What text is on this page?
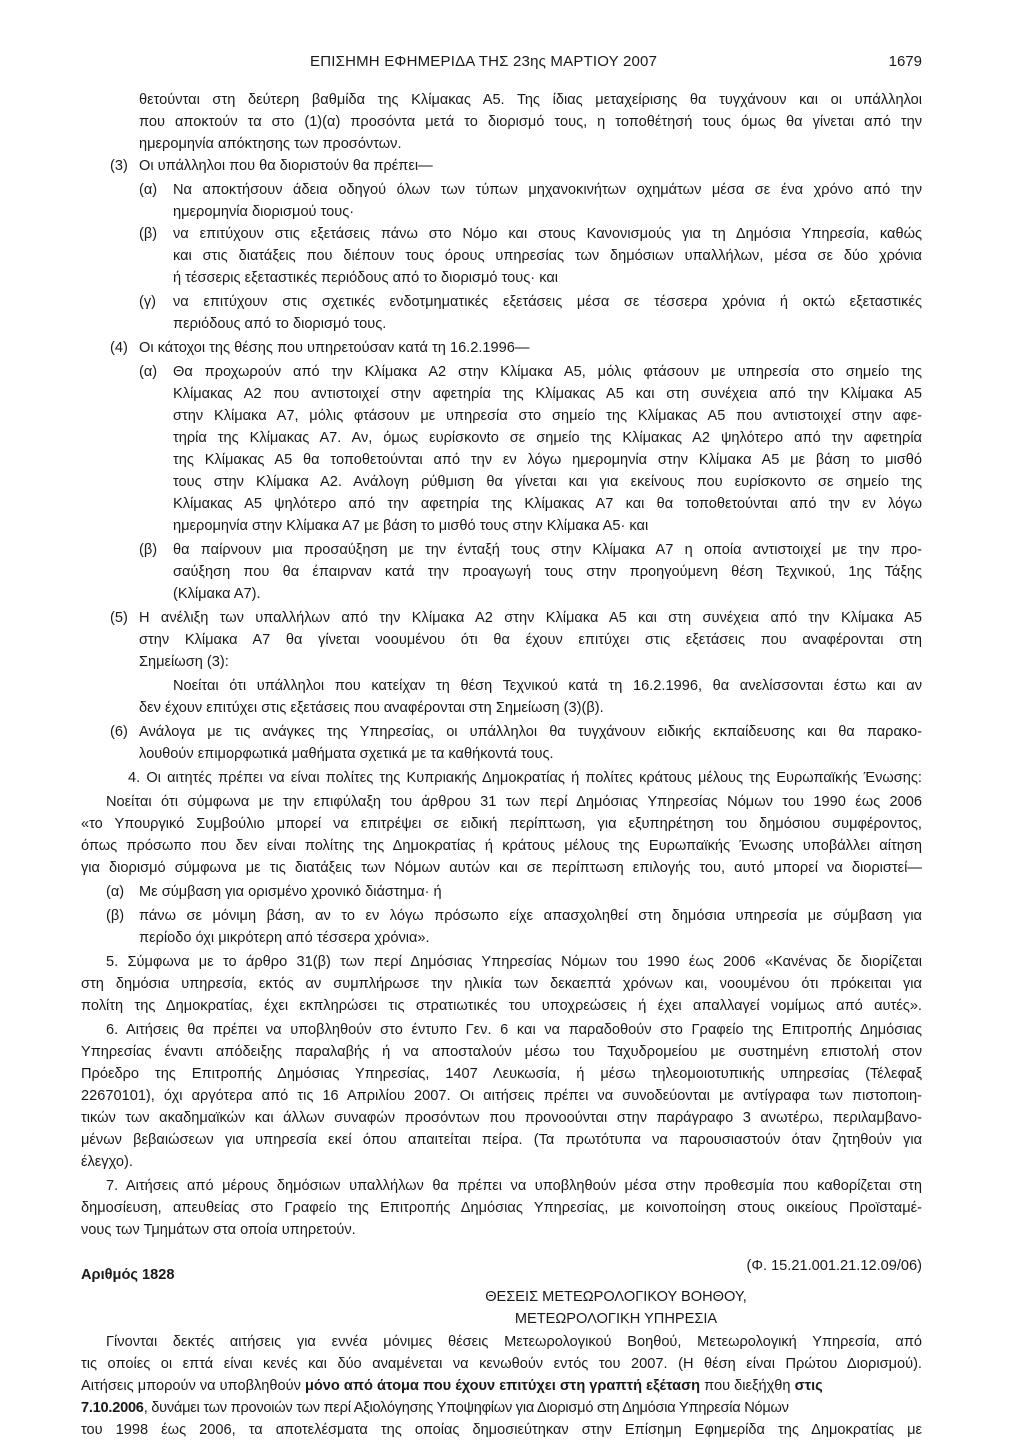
ΕΠΙΣΗΜΗ ΕΦΗΜΕΡΙΔΑ ΤΗΣ 23ης ΜΑΡΤΙΟΥ 2007	1679
θετούνται στη δεύτερη βαθμίδα της Κλίμακας Α5. Της ίδιας μεταχείρισης θα τυγχάνουν και οι υπάλληλοι
που αποκτούν τα στο (1)(α) προσόντα μετά το διορισμό τους, η τοποθέτησή τους όμως θα γίνεται από την
ημερομηνία απόκτησης των προσόντων.
(3) Οι υπάλληλοι που θα διοριστούν θα πρέπει—
(α) Να αποκτήσουν άδεια οδηγού όλων των τύπων μηχανοκινήτων οχημάτων μέσα σε ένα χρόνο από την
ημερομηνία διορισμού τους·
(β) να επιτύχουν στις εξετάσεις πάνω στο Νόμο και στους Κανονισμούς για τη Δημόσια Υπηρεσία, καθώς
και στις διατάξεις που διέπουν τους όρους υπηρεσίας των δημόσιων υπαλλήλων, μέσα σε δύο χρόνια
ή τέσσερις εξεταστικές περιόδους από το διορισμό τους· και
(γ) να επιτύχουν στις σχετικές ενδοτμηματικές εξετάσεις μέσα σε τέσσερα χρόνια ή οκτώ εξεταστικές
περιόδους από το διορισμό τους.
(4) Οι κάτοχοι της θέσης που υπηρετούσαν κατά τη 16.2.1996—
(α) Θα προχωρούν από την Κλίμακα Α2 στην Κλίμακα Α5, μόλις φτάσουν με υπηρεσία στο σημείο της
Κλίμακας Α2 που αντιστοιχεί στην αφετηρία της Κλίμακας Α5 και στη συνέχεια από την Κλίμακα Α5
στην Κλίμακα Α7, μόλις φτάσουν με υπηρεσία στο σημείο της Κλίμακας Α5 που αντιστοιχεί στην αφε-
τηρία της Κλίμακας Α7. Αν, όμως ευρίσκονto σε σημείο της Κλίμακας Α2 ψηλότερο από την αφετηρία
της Κλίμακας Α5 θα τοποθετούνται από την εν λόγω ημερομηνία στην Κλίμακα Α5 με βάση το μισθό
τους στην Κλίμακα Α2. Ανάλογη ρύθμιση θα γίνεται και για εκείνους που ευρίσκοντο σε σημείο της
Κλίμακας Α5 ψηλότερο από την αφετηρία της Κλίμακας Α7 και θα τοποθετούνται από την εν λόγω
ημερομηνία στην Κλίμακα Α7 με βάση το μισθό τους στην Κλίμακα Α5· και
(β) θα παίρνουν μια προσαύξηση με την ένταξή τους στην Κλίμακα Α7 η οποία αντιστοιχεί με την προ-
σαύξηση που θα έπαιρναν κατά την προαγωγή τους στην προηγούμενη θέση Τεχνικού, 1ης Τάξης
(Κλίμακα Α7).
(5) Η ανέλιξη των υπαλλήλων από την Κλίμακα Α2 στην Κλίμακα Α5 και στη συνέχεια από την Κλίμακα Α5
στην Κλίμακα Α7 θα γίνεται νοουμένου ότι θα έχουν επιτύχει στις εξετάσεις που αναφέρονται στη
Σημείωση (3):
Νοείται ότι υπάλληλοι που κατείχαν τη θέση Τεχνικού κατά τη 16.2.1996, θα ανελίσσονται έστω και αν
δεν έχουν επιτύχει στις εξετάσεις που αναφέρονται στη Σημείωση (3)(β).
(6) Ανάλογα με τις ανάγκες της Υπηρεσίας, οι υπάλληλοι θα τυγχάνουν ειδικής εκπαίδευσης και θα παρακο-
λουθούν επιμορφωτικά μαθήματα σχετικά με τα καθήκοντά τους.
4. Οι αιτητές πρέπει να είναι πολίτες της Κυπριακής Δημοκρατίας ή πολίτες κράτους μέλους της Ευρωπαϊκής Ένωσης:
Νοείται ότι σύμφωνα με την επιφύλαξη του άρθρου 31 των περί Δημόσιας Υπηρεσίας Νόμων του 1990 έως 2006
«το Υπουργικό Συμβούλιο μπορεί να επιτρέψει σε ειδική περίπτωση, για εξυπηρέτηση του δημόσιου συμφέροντος,
όπως πρόσωπο που δεν είναι πολίτης της Δημοκρατίας ή κράτους μέλους της Ευρωπαϊκής Ένωσης υποβάλλει αίτηση
για διορισμό σύμφωνα με τις διατάξεις των Νόμων αυτών και σε περίπτωση επιλογής του, αυτό μπορεί να διοριστεί—
(α) Με σύμβαση για ορισμένο χρονικό διάστημα· ή
(β) πάνω σε μόνιμη βάση, αν το εν λόγω πρόσωπο είχε απασχοληθεί στη δημόσια υπηρεσία με σύμβαση για
περίοδο όχι μικρότερη από τέσσερα χρόνια».
5. Σύμφωνα με το άρθρο 31(β) των περί Δημόσιας Υπηρεσίας Νόμων του 1990 έως 2006 «Κανένας δε διορίζεται
στη δημόσια υπηρεσία, εκτός αν συμπλήρωσε την ηλικία των δεκαεπτά χρόνων και, νοουμένου ότι πρόκειται για
πολίτη της Δημοκρατίας, έχει εκπληρώσει τις στρατιωτικές του υποχρεώσεις ή έχει απαλλαγεί νομίμως από αυτές».
6. Αιτήσεις θα πρέπει να υποβληθούν στο έντυπο Γεν. 6 και να παραδοθούν στο Γραφείο της Επιτροπής Δημόσιας
Υπηρεσίας έναντι απόδειξης παραλαβής ή να αποσταλούν μέσω του Ταχυδρομείου με συστημένη επιστολή στον
Πρόεδρο της Επιτροπής Δημόσιας Υπηρεσίας, 1407 Λευκωσία, ή μέσω τηλεομοιοτυπικής υπηρεσίας (Τέλεφαξ
22670101), όχι αργότερα από τις 16 Απριλίου 2007. Οι αιτήσεις πρέπει να συνοδεύονται με αντίγραφα των πιστοποιη-
τικών των ακαδημαϊκών και άλλων συναφών προσόντων που προνοούνται στην παράγραφο 3 ανωτέρω, περιλαμβανο-
μένων βεβαιώσεων για υπηρεσία εκεί όπου απαιτείται πείρα. (Τα πρωτότυπα να παρουσιαστούν όταν ζητηθούν για
έλεγχο).
7. Αιτήσεις από μέρους δημόσιων υπαλλήλων θα πρέπει να υποβληθούν μέσα στην προθεσμία που καθορίζεται στη
δημοσίευση, απευθείας στο Γραφείο της Επιτροπής Δημόσιας Υπηρεσίας, με κοινοποίηση στους οικείους Προϊσταμέ-
νους των Τμημάτων στα οποία υπηρετούν.
(Φ. 15.21.001.21.12.09/06)
Αριθμός 1828
ΘΕΣΕΙΣ ΜΕΤΕΩΡΟΛΟΓΙΚΟΥ ΒΟΗΘΟΥ,
ΜΕΤΕΩΡΟΛΟΓΙΚΗ ΥΠΗΡΕΣΙΑ
Γίνονται δεκτές αιτήσεις για εννέα μόνιμες θέσεις Μετεωρολογικού Βοηθού, Μετεωρολογική Υπηρεσία, από
τις οποίες οι επτά είναι κενές και δύο αναμένεται να κενωθούν εντός του 2007. (Η θέση είναι Πρώτου Διορισμού).
Αιτήσεις μπορούν να υποβληθούν μόνο από άτομα που έχουν επιτύχει στη γραπτή εξέταση που διεξήχθη στις
7.10.2006, δυνάμει των προνοιών των περί Αξιολόγησης Υποψηφίων για Διορισμό στη Δημόσια Υπηρεσία Νόμων
του 1998 έως 2006, τα αποτελέσματα της οποίας δημοσιεύτηκαν στην Επίσημη Εφημερίδα της Δημοκρατίας με
